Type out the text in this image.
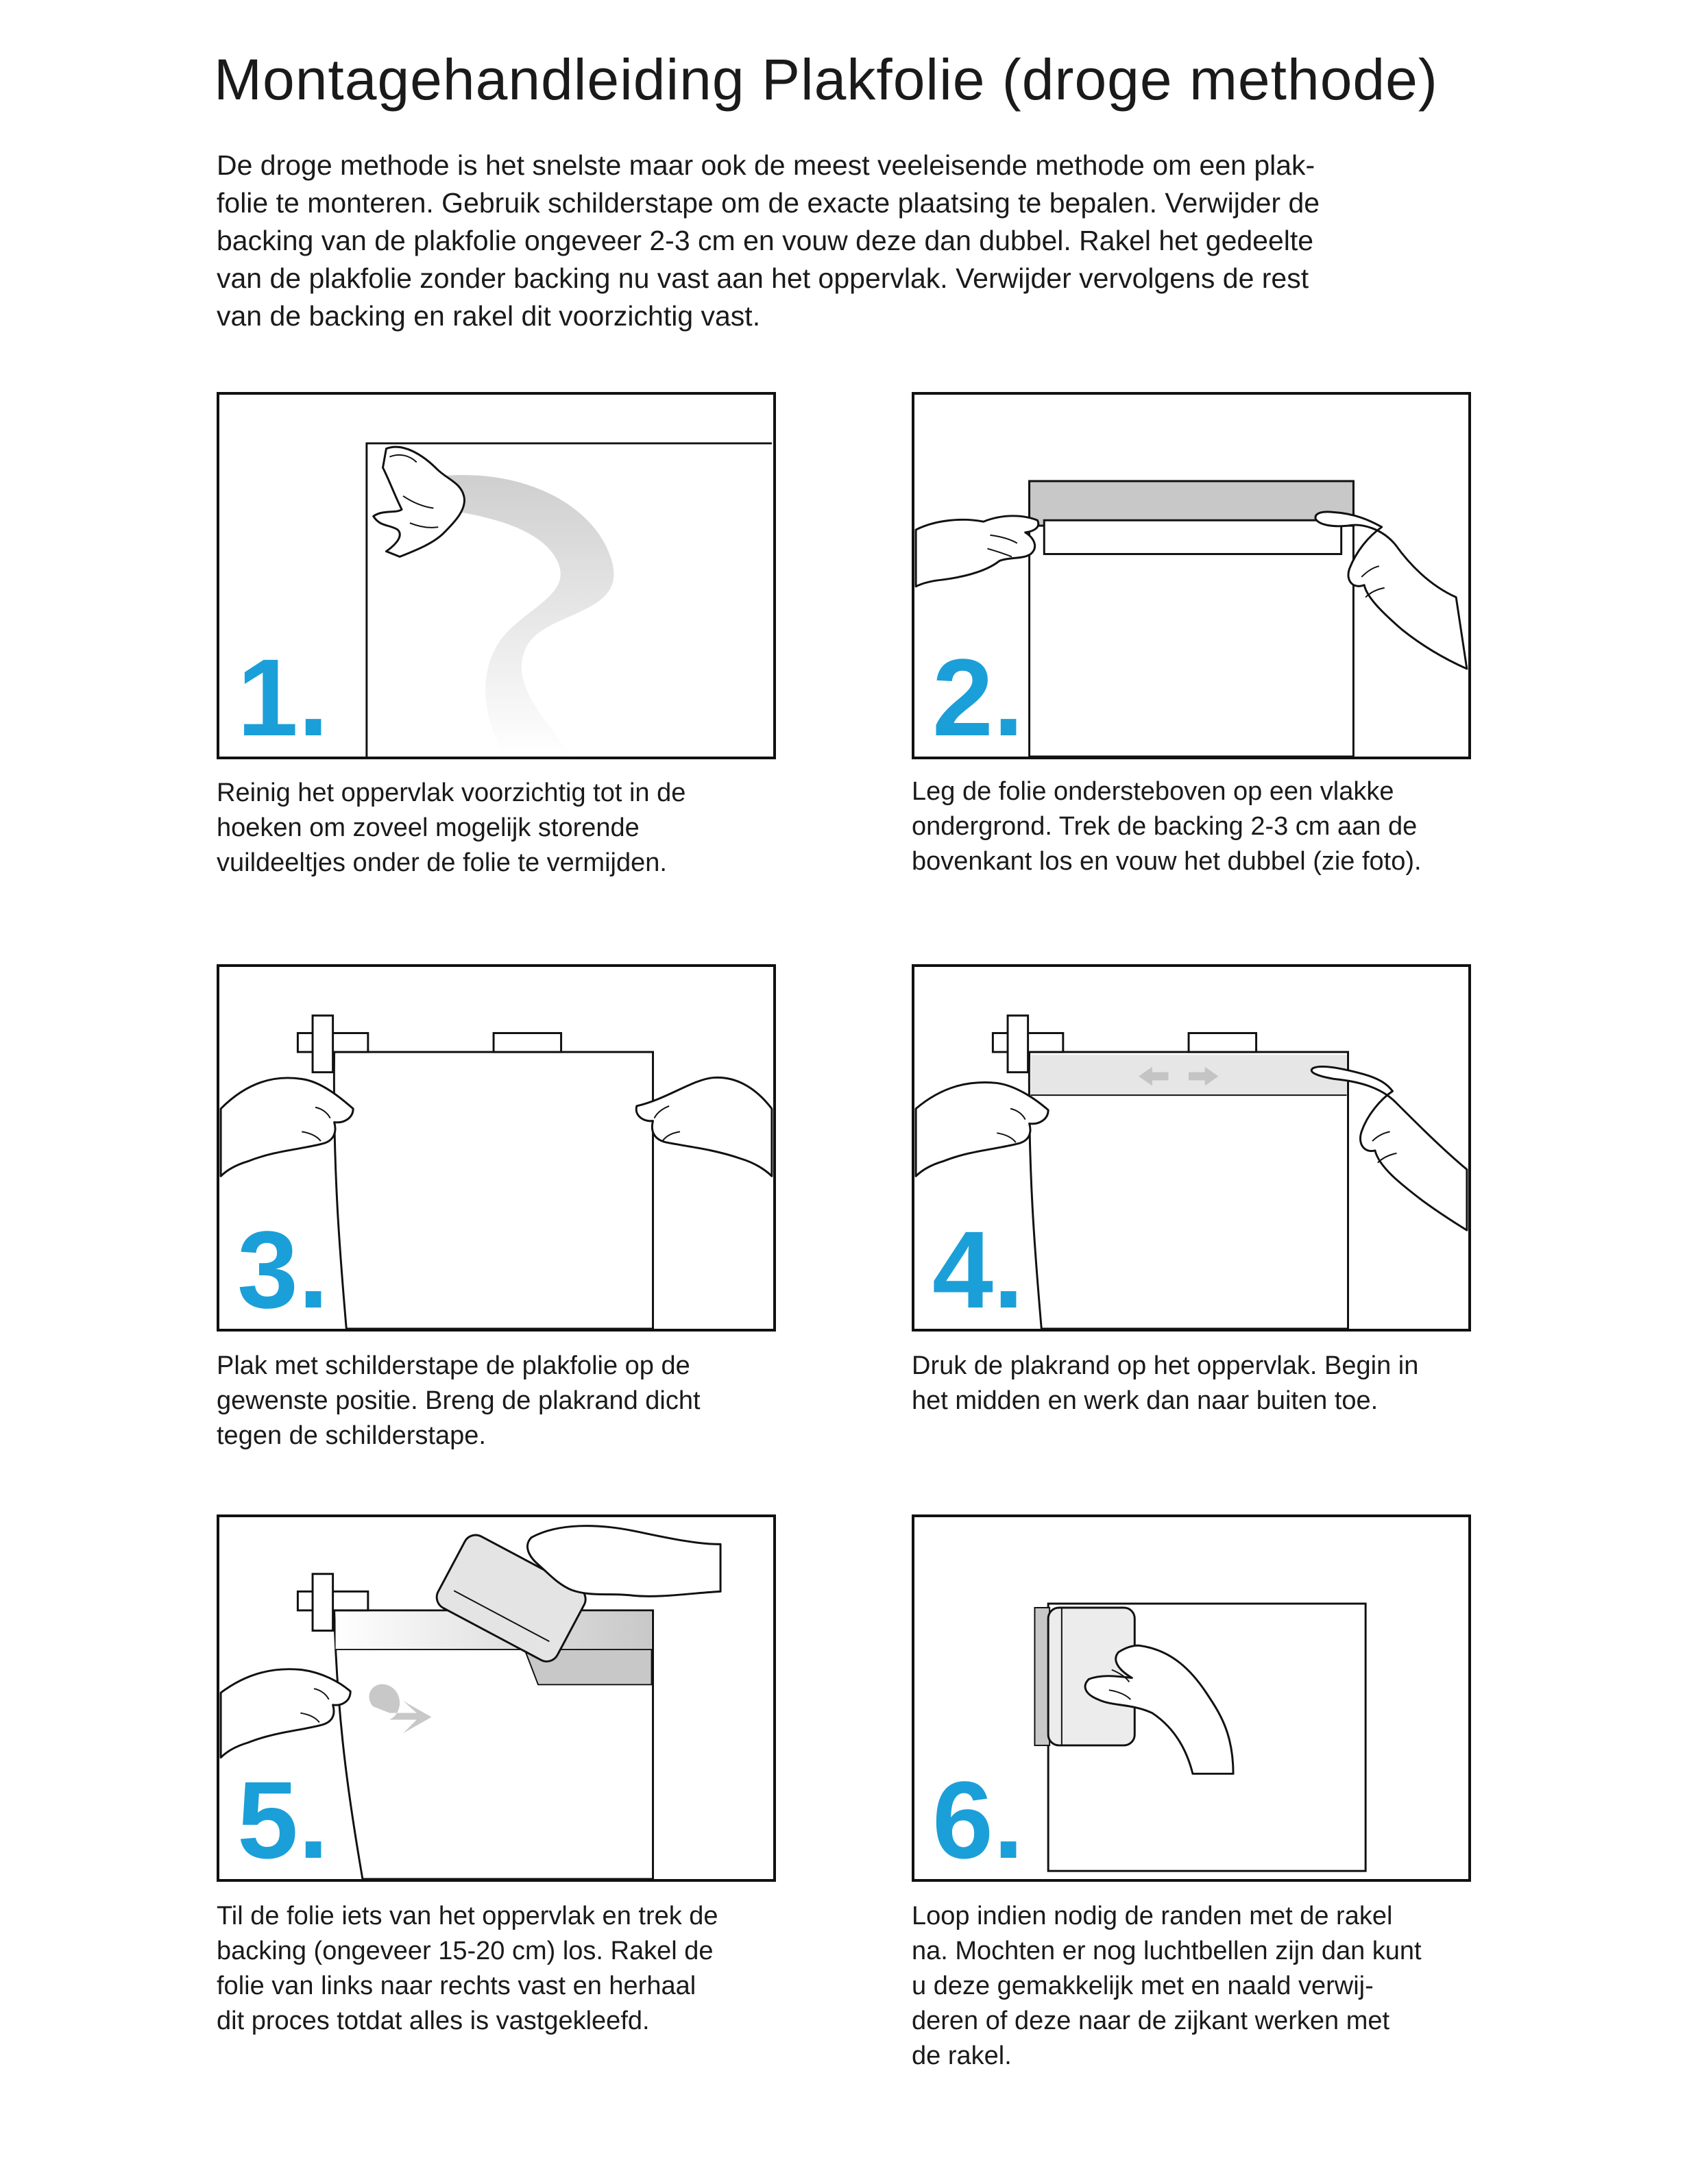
Montagehandleiding Plakfolie (droge methode)

De droge methode is het snelste maar ook de meest veeleisende methode om een plak-
folie te monteren. Gebruik schilderstape om de exacte plaatsing te bepalen. Verwijder de
backing van de plakfolie ongeveer 2-3 cm en vouw deze dan dubbel. Rakel het gedeelte
van de plakfolie zonder backing nu vast aan het oppervlak. Verwijder vervolgens de rest
van de backing en rakel dit voorzichtig vast.

1.

Reinig het oppervlak voorzichtig tot in de
hoeken om zoveel mogelijk storende
vuildeeltjes onder de folie te vermijden.

2.

Leg de folie ondersteboven op een vlakke
ondergrond. Trek de backing 2-3 cm aan de
bovenkant los en vouw het dubbel (zie foto).

3.

Plak met schilderstape de plakfolie op de
gewenste positie. Breng de plakrand dicht
tegen de schilderstape.

4.

Druk de plakrand op het oppervlak. Begin in
het midden en werk dan naar buiten toe.

5.

Til de folie iets van het oppervlak en trek de
backing (ongeveer 15-20 cm) los. Rakel de
folie van links naar rechts vast en herhaal
dit proces totdat alles is vastgekleefd.

6.

Loop indien nodig de randen met de rakel
na. Mochten er nog luchtbellen zijn dan kunt
u deze gemakkelijk met en naald verwij-
deren of deze naar de zijkant werken met
de rakel.
